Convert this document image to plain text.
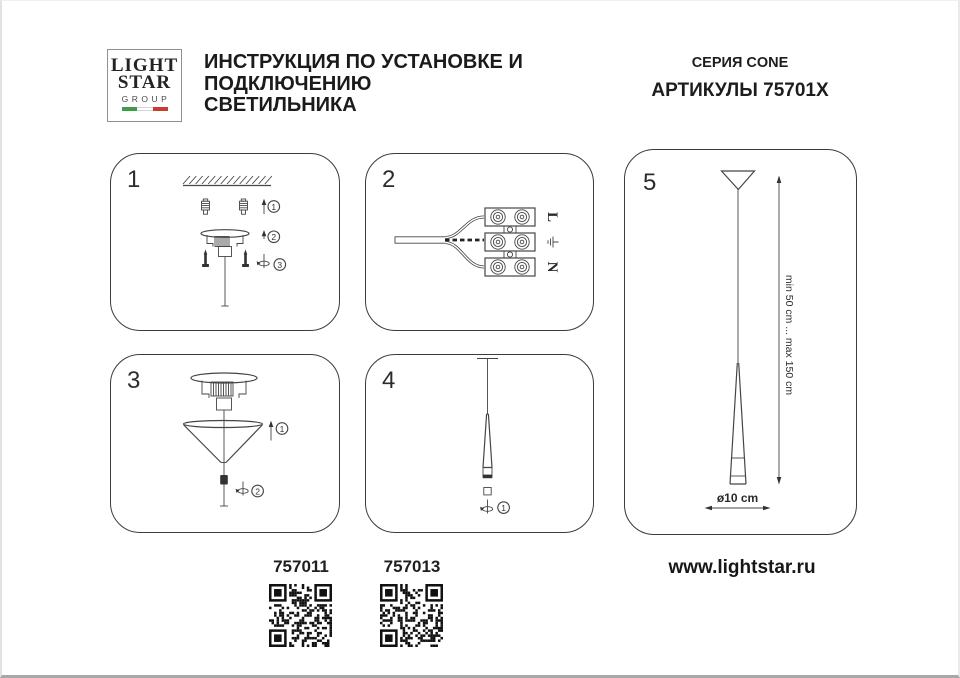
LIGHT
STAR
GROUP
ИНСТРУКЦИЯ ПО УСТАНОВКЕ И
ПОДКЛЮЧЕНИЮ СВЕТИЛЬНИКА
СЕРИЯ CONE
АРТИКУЛЫ 75701X
1
1
2
3
2
L
N
3
1
2
4
1
5
min 50 cm ... max 150 cm
ø10 cm
757011	757013	www.lightstar.ru
